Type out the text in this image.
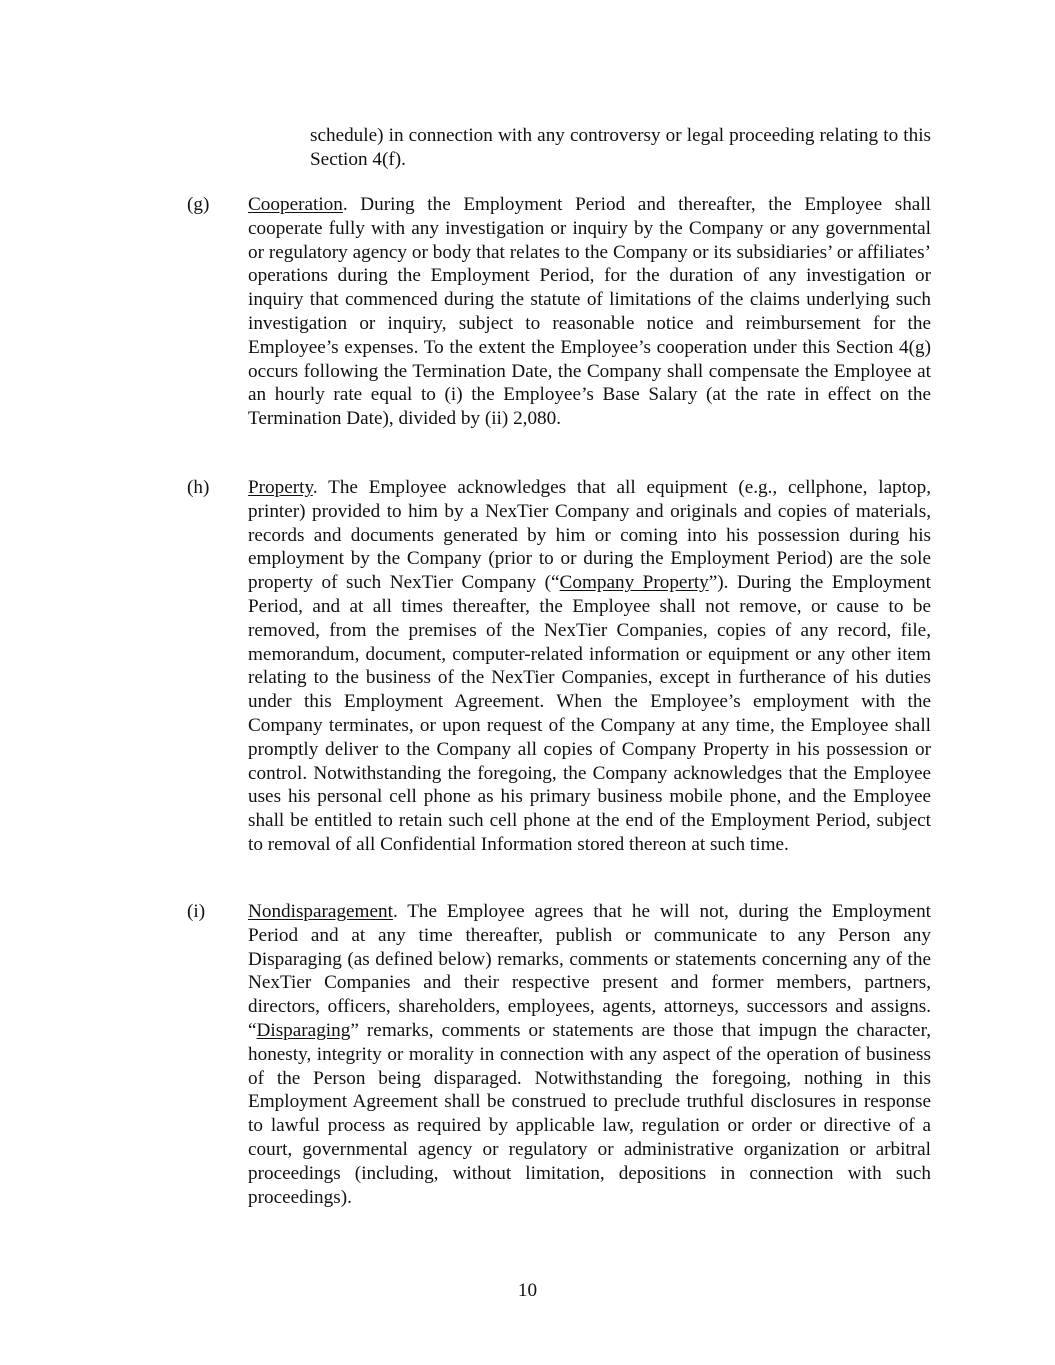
schedule) in connection with any controversy or legal proceeding relating to this Section 4(f).

(g) Cooperation. During the Employment Period and thereafter, the Employee shall cooperate fully with any investigation or inquiry by the Company or any governmental or regulatory agency or body that relates to the Company or its subsidiaries’ or affiliates’ operations during the Employment Period, for the duration of any investigation or inquiry that commenced during the statute of limitations of the claims underlying such investigation or inquiry, subject to reasonable notice and reimbursement for the Employee’s expenses. To the extent the Employee’s cooperation under this Section 4(g) occurs following the Termination Date, the Company shall compensate the Employee at an hourly rate equal to (i) the Employee’s Base Salary (at the rate in effect on the Termination Date), divided by (ii) 2,080.

(h) Property. The Employee acknowledges that all equipment (e.g., cellphone, laptop, printer) provided to him by a NexTier Company and originals and copies of materials, records and documents generated by him or coming into his possession during his employment by the Company (prior to or during the Employment Period) are the sole property of such NexTier Company (“Company Property”). During the Employment Period, and at all times thereafter, the Employee shall not remove, or cause to be removed, from the premises of the NexTier Companies, copies of any record, file, memorandum, document, computer-related information or equipment or any other item relating to the business of the NexTier Companies, except in furtherance of his duties under this Employment Agreement. When the Employee’s employment with the Company terminates, or upon request of the Company at any time, the Employee shall promptly deliver to the Company all copies of Company Property in his possession or control. Notwithstanding the foregoing, the Company acknowledges that the Employee uses his personal cell phone as his primary business mobile phone, and the Employee shall be entitled to retain such cell phone at the end of the Employment Period, subject to removal of all Confidential Information stored thereon at such time.

(i) Nondisparagement. The Employee agrees that he will not, during the Employment Period and at any time thereafter, publish or communicate to any Person any Disparaging (as defined below) remarks, comments or statements concerning any of the NexTier Companies and their respective present and former members, partners, directors, officers, shareholders, employees, agents, attorneys, successors and assigns. “Disparaging” remarks, comments or statements are those that impugn the character, honesty, integrity or morality in connection with any aspect of the operation of business of the Person being disparaged. Notwithstanding the foregoing, nothing in this Employment Agreement shall be construed to preclude truthful disclosures in response to lawful process as required by applicable law, regulation or order or directive of a court, governmental agency or regulatory or administrative organization or arbitral proceedings (including, without limitation, depositions in connection with such proceedings).

10
